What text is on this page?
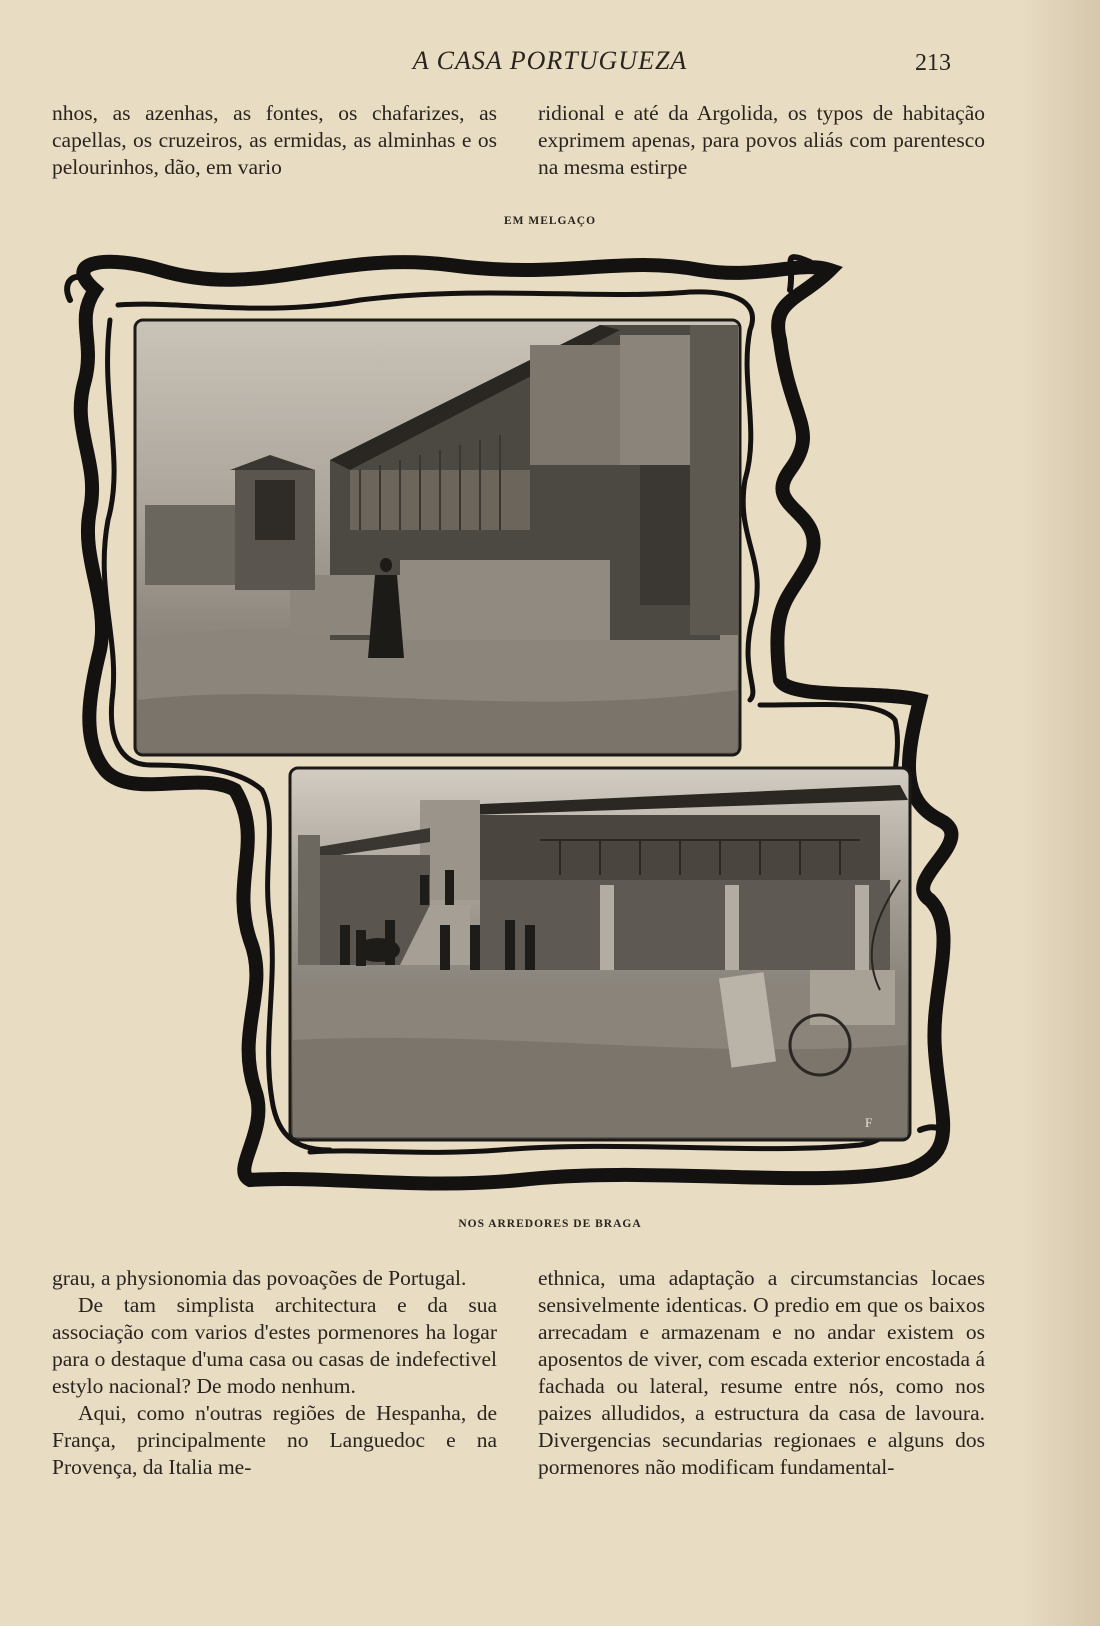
A CASA PORTUGUEZA	213

nhos, as azenhas, as fontes, os chafarizes, as capellas, os cruzeiros, as ermidas, as alminhas e os pelourinhos, dão, em vario

ridional e até da Argolida, os typos de habitação exprimem apenas, para povos aliás com parentesco na mesma estirpe

EM MELGAÇO
F
NOS ARREDORES DE BRAGA

grau, a physionomia das povoações de Portugal.

De tam simplista architectura e da sua associação com varios d'estes pormenores ha logar para o destaque d'uma casa ou casas de indefectivel estylo nacional? De modo nenhum.

Aqui, como n'outras regiões de Hespanha, de França, principalmente no Languedoc e na Provença, da Italia me-

ethnica, uma adaptação a circumstancias locaes sensivelmente identicas. O predio em que os baixos arrecadam e armazenam e no andar existem os aposentos de viver, com escada exterior encostada á fachada ou lateral, resume entre nós, como nos paizes alludidos, a estructura da casa de lavoura. Divergencias secundarias regionaes e alguns dos pormenores não modificam fundamental-
